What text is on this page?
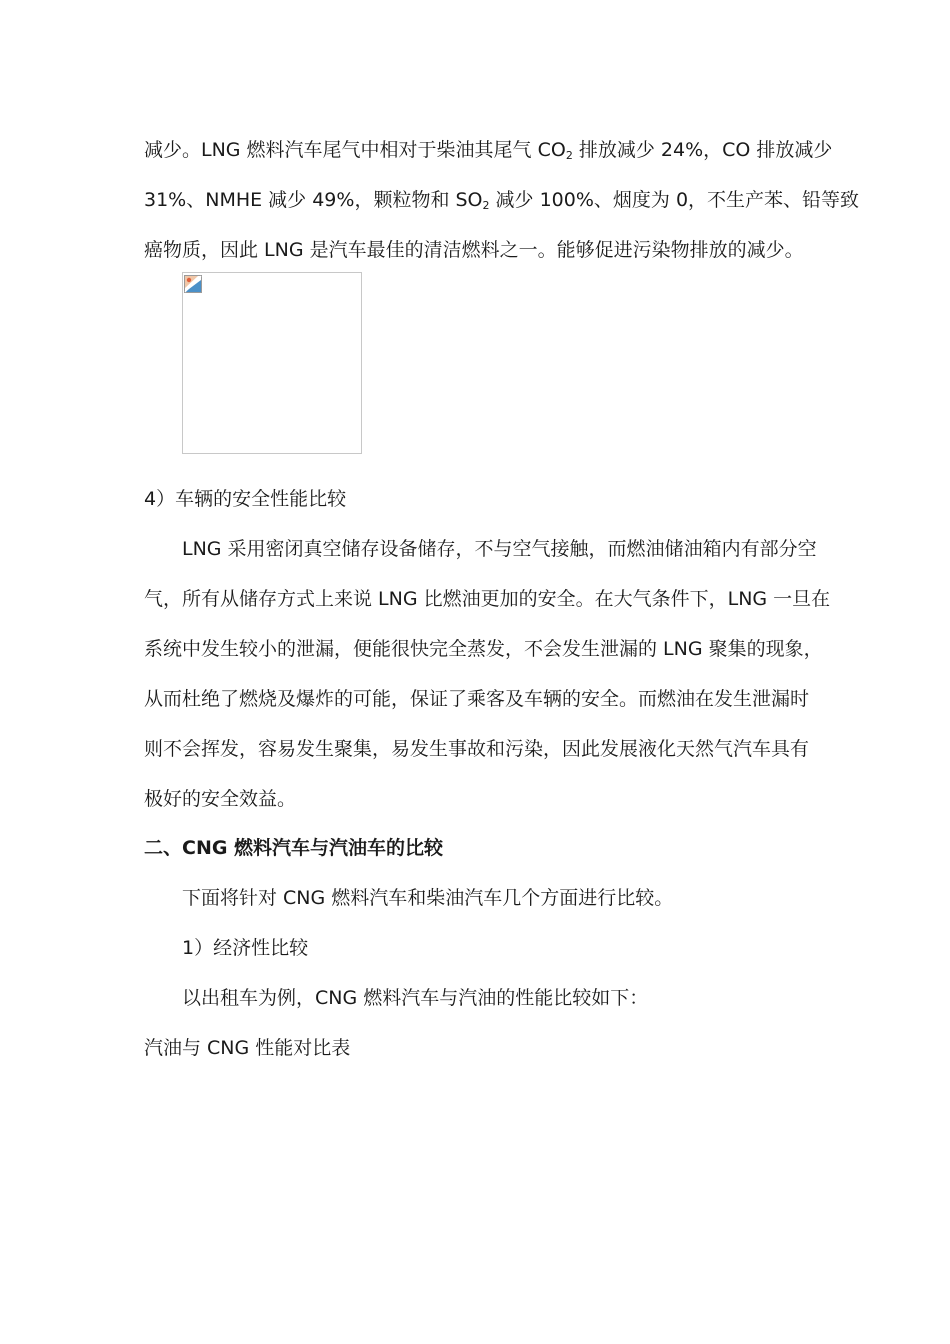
减少。LNG 燃料汽车尾气中相对于柴油其尾气 $CO_2$ 排放减少 24%，CO 排放减少
31%、NMHE 减少 49%，颗粒物和 $SO_2$ 减少 100%、烟度为 0，不生产苯、铅等致
癌物质，因此 LNG 是汽车最佳的清洁燃料之一。能够促进污染物排放的减少。
4）车辆的安全性能比较
LNG 采用密闭真空储存设备储存，不与空气接触，而燃油储油箱内有部分空
气，所有从储存方式上来说 LNG 比燃油更加的安全。在大气条件下，LNG 一旦在
系统中发生较小的泄漏，便能很快完全蒸发，不会发生泄漏的 LNG 聚集的现象，
从而杜绝了燃烧及爆炸的可能，保证了乘客及车辆的安全。而燃油在发生泄漏时
则不会挥发，容易发生聚集，易发生事故和污染，因此发展液化天然气汽车具有
极好的安全效益。
二、CNG 燃料汽车与汽油车的比较
下面将针对 CNG 燃料汽车和柴油汽车几个方面进行比较。
1）经济性比较
以出租车为例，CNG 燃料汽车与汽油的性能比较如下：
汽油与 CNG 性能对比表
